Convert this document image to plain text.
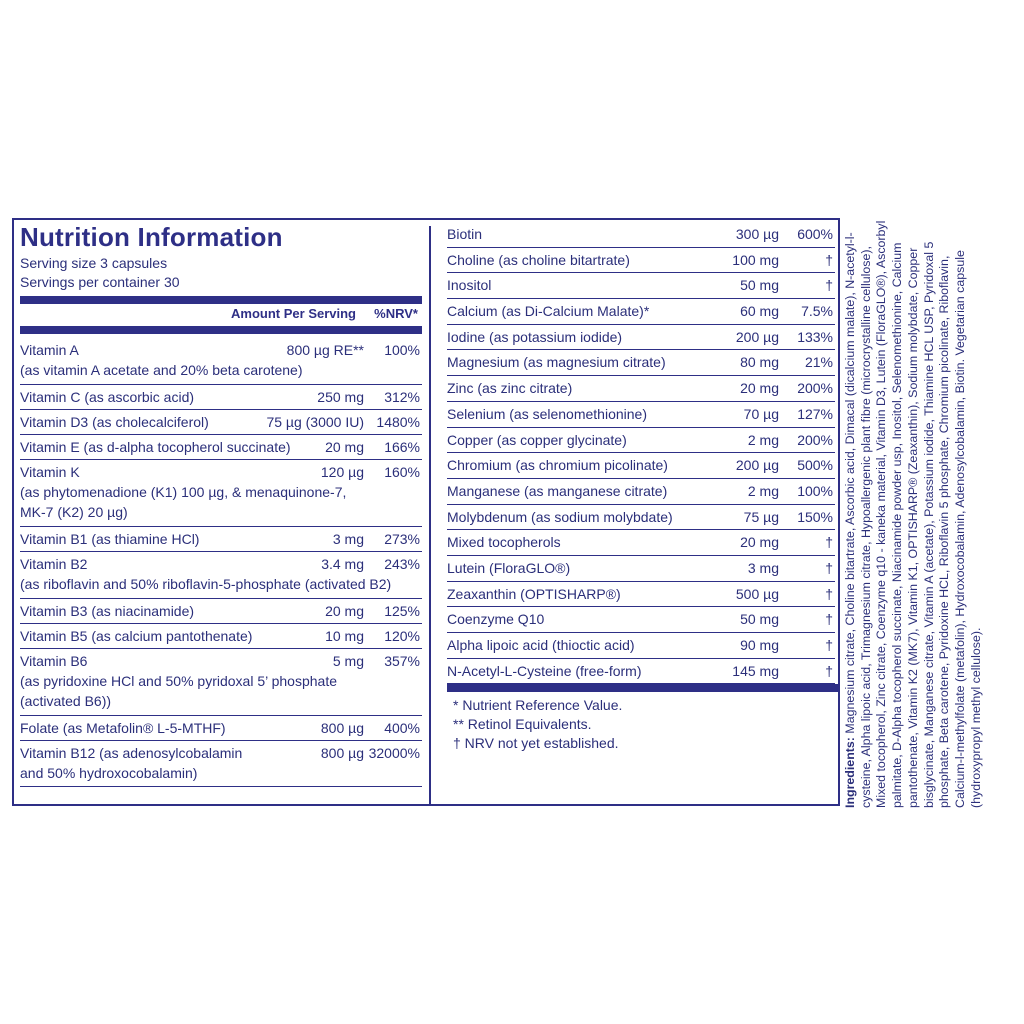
Nutrition Information
Serving size 3 capsules
Servings per container 30
Amount Per Serving %NRV*
Vitamin A	800 µg RE** 100%
(as vitamin A acetate and 20% beta carotene)
Vitamin C (as ascorbic acid)	250 mg 312%
Vitamin D3 (as cholecalciferol)	75 µg (3000 IU) 1480%
Vitamin E (as d-alpha tocopherol succinate) 20 mg 166%
Vitamin K	120 µg 160%
(as phytomenadione (K1) 100 µg, & menaquinone-7,
MK-7 (K2) 20 µg)
Vitamin B1 (as thiamine HCl)	3 mg 273%
Vitamin B2	3.4 mg 243%
(as riboflavin and 50% riboflavin-5-phosphate (activated B2)
Vitamin B3 (as niacinamide)	20 mg 125%
Vitamin B5 (as calcium pantothenate)	10 mg 120%
Vitamin B6	5 mg 357%
(as pyridoxine HCl and 50% pyridoxal 5’ phosphate
(activated B6))
Folate (as Metafolin® L-5-MTHF)	800 µg 400%
Vitamin B12 (as adenosylcobalamin	800 µg 32000%
and 50% hydroxocobalamin)
Biotin	300 µg 600%
Choline (as choline bitartrate)	100 mg	†
Inositol	50 mg	†
Calcium (as Di-Calcium Malate)*	60 mg 7.5%
Iodine (as potassium iodide)	200 µg 133%
Magnesium (as magnesium citrate)	80 mg 21%
Zinc (as zinc citrate)	20 mg 200%
Selenium (as selenomethionine)	70 µg 127%
Copper (as copper glycinate)	2 mg 200%
Chromium (as chromium picolinate)	200 µg 500%
Manganese (as manganese citrate)	2 mg 100%
Molybdenum (as sodium molybdate)	75 µg 150%
Mixed tocopherols	20 mg	†
Lutein (FloraGLO®)	3 mg	†
Zeaxanthin (OPTISHARP®)	500 µg	†
Coenzyme Q10	50 mg	†
Alpha lipoic acid (thioctic acid)	90 mg	†
N-Acetyl-L-Cysteine (free-form)	145 mg	†
* Nutrient Reference Value.
** Retinol Equivalents.
† NRV not yet established.	Ingredients: Magnesium citrate, Choline bitartrate, Ascorbic acid, Dimacal (dicalcium malate), N-acetyl-l-cysteine, Alpha lipoic acid, Trimagnesium citrate, Hypoallergenic plant fibre (microcrystalline cellulose), Mixed tocopherol, Zinc citrate, Coenzyme q10 - kaneka material, Vitamin D3, Lutein (FloraGLO®), Ascorbyl palmitate, D-Alpha tocopherol succinate, Niacinamide powder usp, Inositol, Selenomethionine, Calcium pantothenate, Vitamin K2 (MK7), Vitamin K1, OPTISHARP® (Zeaxanthin), Sodium molybdate, Copper bisglycinate, Manganese citrate, Vitamin A (acetate), Potassium iodide, Thiamine HCL USP, Pyridoxal 5 phosphate, Beta carotene, Pyridoxine HCL, Riboflavin 5 phosphate, Chromium picolinate, Riboflavin, Calcium-l-methylfolate (metafolin), Hydroxocobalamin, Adenosylcobalamin, Biotin. Vegetarian capsule (hydroxypropyl methyl cellulose).
